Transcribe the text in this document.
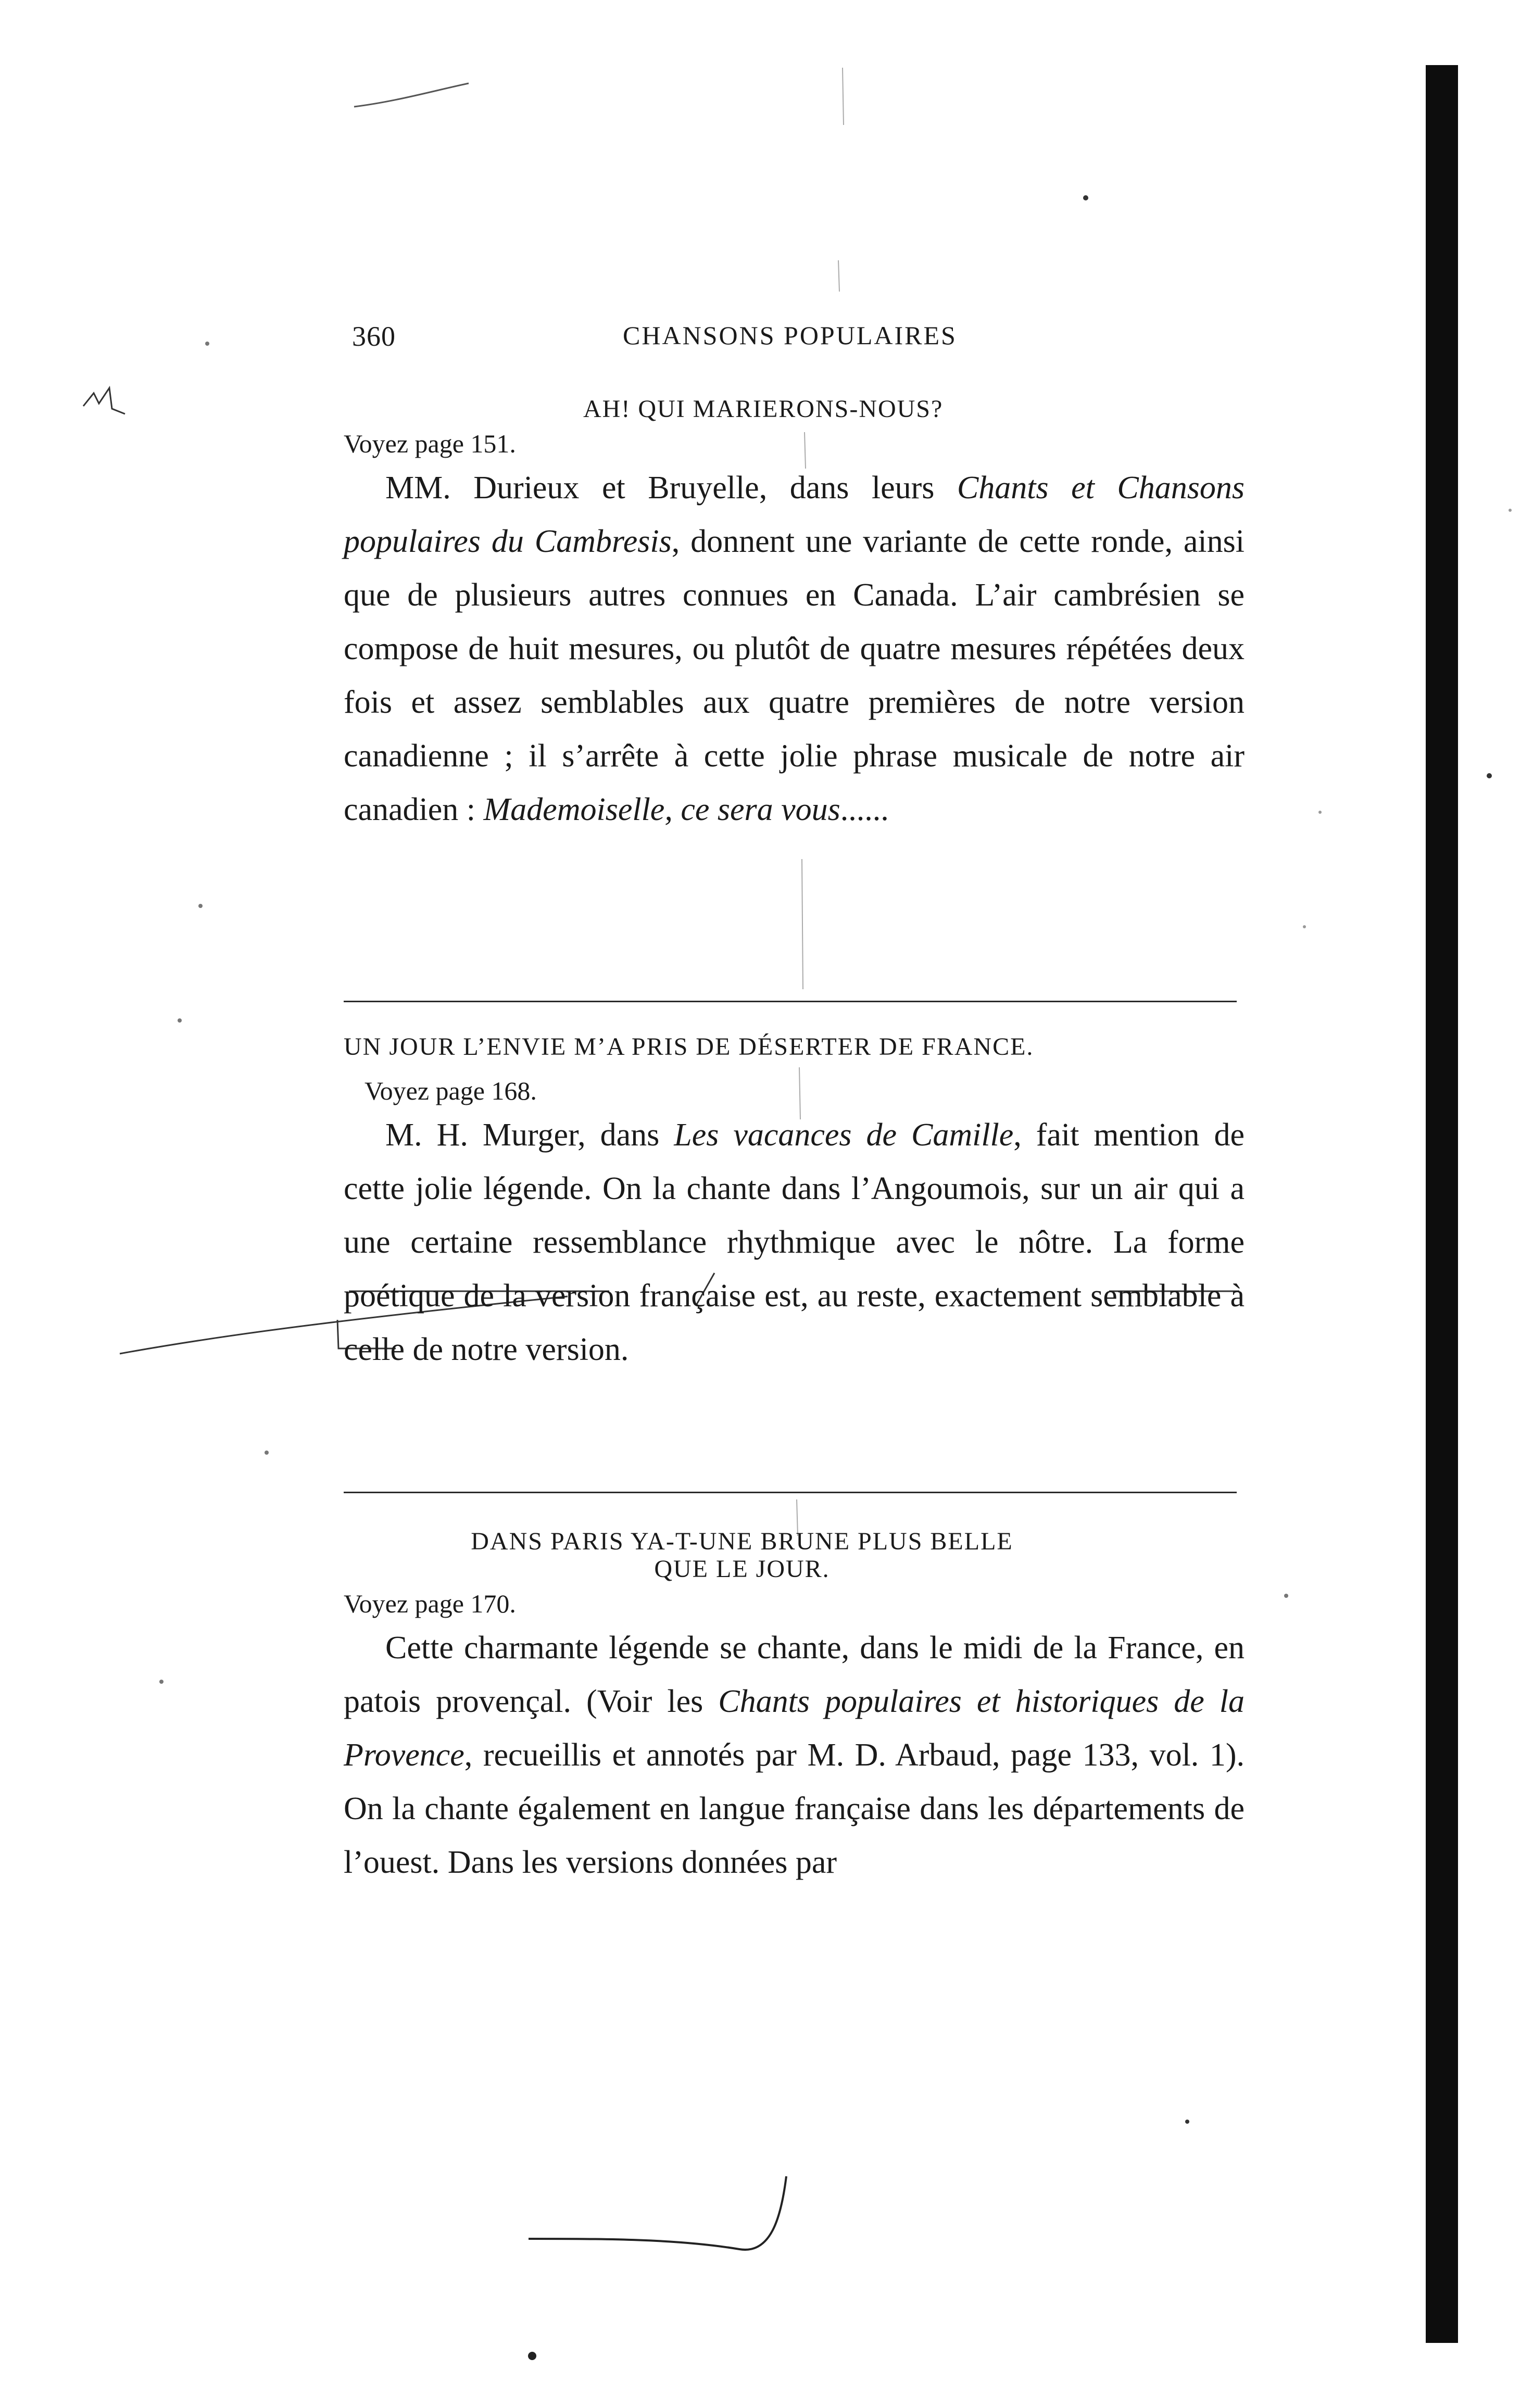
360	CHANSONS POPULAIRES
AH! QUI MARIERONS-NOUS?
Voyez page 151.
MM. Durieux et Bruyelle, dans leurs Chants et Chansons populaires du Cambresis, donnent une variante de cette ronde, ainsi que de plusieurs autres connues en Canada. L’air cambrésien se compose de huit mesures, ou plutôt de quatre mesures répétées deux fois et assez semblables aux quatre premières de notre version canadienne ; il s’arrête à cette jolie phrase musicale de notre air canadien : Mademoiselle, ce sera vous......
UN JOUR L’ENVIE M’A PRIS DE DÉSERTER DE FRANCE.
Voyez page 168.
M. H. Murger, dans Les vacances de Camille, fait mention de cette jolie légende. On la chante dans l’Angoumois, sur un air qui a une certaine ressemblance rhythmique avec le nôtre. La forme poétique de la version française est, au reste, exactement semblable à celle de notre version.
DANS PARIS YA-T-UNE BRUNE PLUS BELLE
QUE LE JOUR.
Voyez page 170.
Cette charmante légende se chante, dans le midi de la France, en patois provençal. (Voir les Chants populaires et historiques de la Provence, recueillis et annotés par M. D. Arbaud, page 133, vol. 1). On la chante également en langue française dans les départements de l’ouest. Dans les versions données par
